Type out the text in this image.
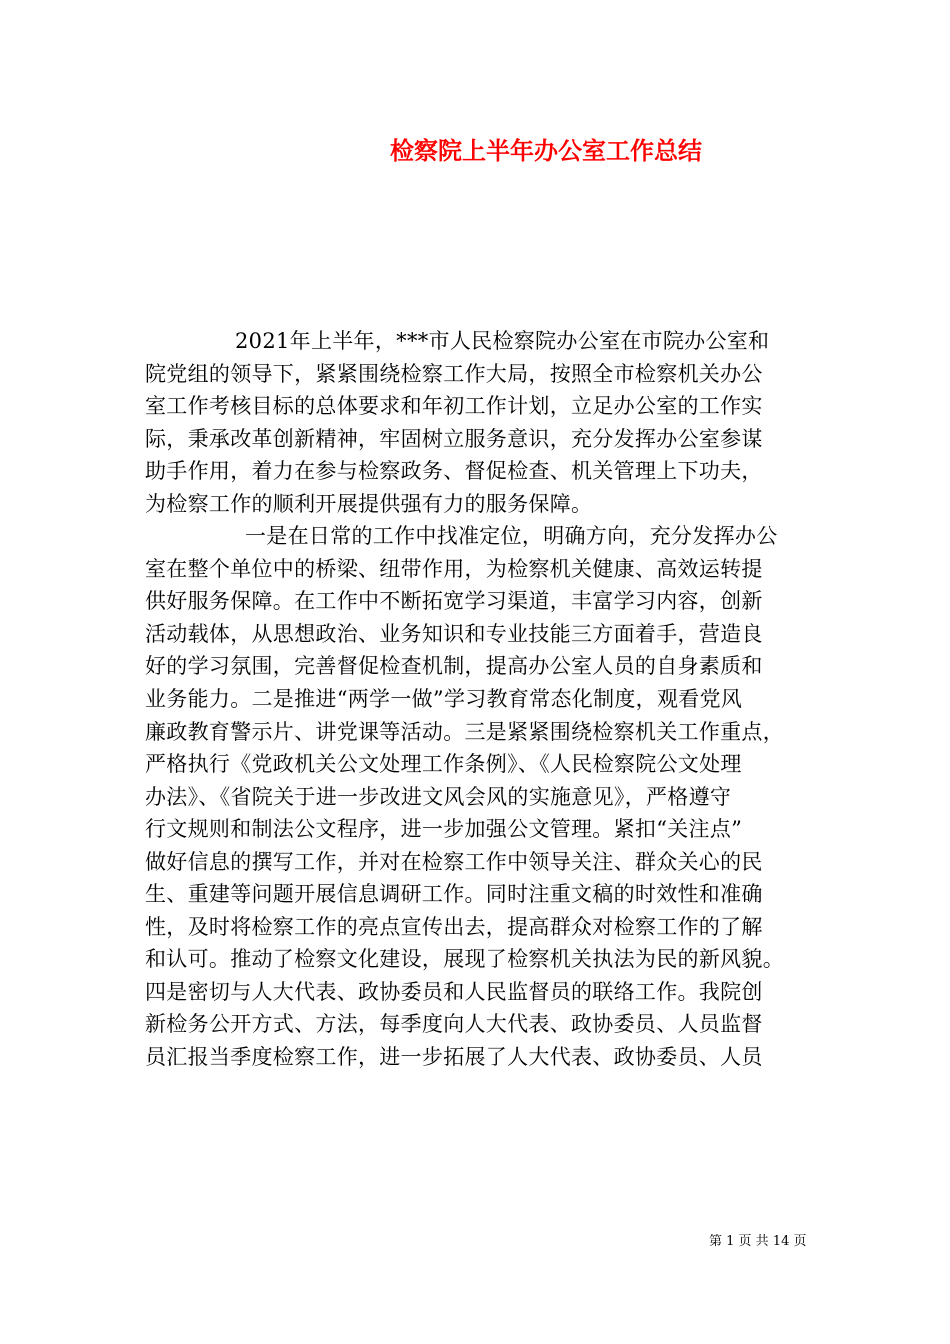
检察院上半年办公室工作总结
2021年上半年，***市人民检察院办公室在市院办公室和
院党组的领导下，紧紧围绕检察工作大局，按照全市检察机关办公
室工作考核目标的总体要求和年初工作计划，立足办公室的工作实
际，秉承改革创新精神，牢固树立服务意识，充分发挥办公室参谋
助手作用，着力在参与检察政务、督促检查、机关管理上下功夫，
为检察工作的顺利开展提供强有力的服务保障。
一是在日常的工作中找准定位，明确方向，充分发挥办公
室在整个单位中的桥梁、纽带作用，为检察机关健康、高效运转提
供好服务保障。在工作中不断拓宽学习渠道，丰富学习内容，创新
活动载体，从思想政治、业务知识和专业技能三方面着手，营造良
好的学习氛围，完善督促检查机制，提高办公室人员的自身素质和
业务能力。二是推进“两学一做”学习教育常态化制度，观看党风
廉政教育警示片、讲党课等活动。三是紧紧围绕检察机关工作重点，
严格执行《党政机关公文处理工作条例》、《人民检察院公文处理
办法》、《省院关于进一步改进文风会风的实施意见》，严格遵守
行文规则和制法公文程序，进一步加强公文管理。紧扣“关注点”
做好信息的撰写工作，并对在检察工作中领导关注、群众关心的民
生、重建等问题开展信息调研工作。同时注重文稿的时效性和准确
性，及时将检察工作的亮点宣传出去，提高群众对检察工作的了解
和认可。推动了检察文化建设，展现了检察机关执法为民的新风貌。
四是密切与人大代表、政协委员和人民监督员的联络工作。我院创
新检务公开方式、方法，每季度向人大代表、政协委员、人员监督
员汇报当季度检察工作，进一步拓展了人大代表、政协委员、人员
第 1 页 共 14 页
